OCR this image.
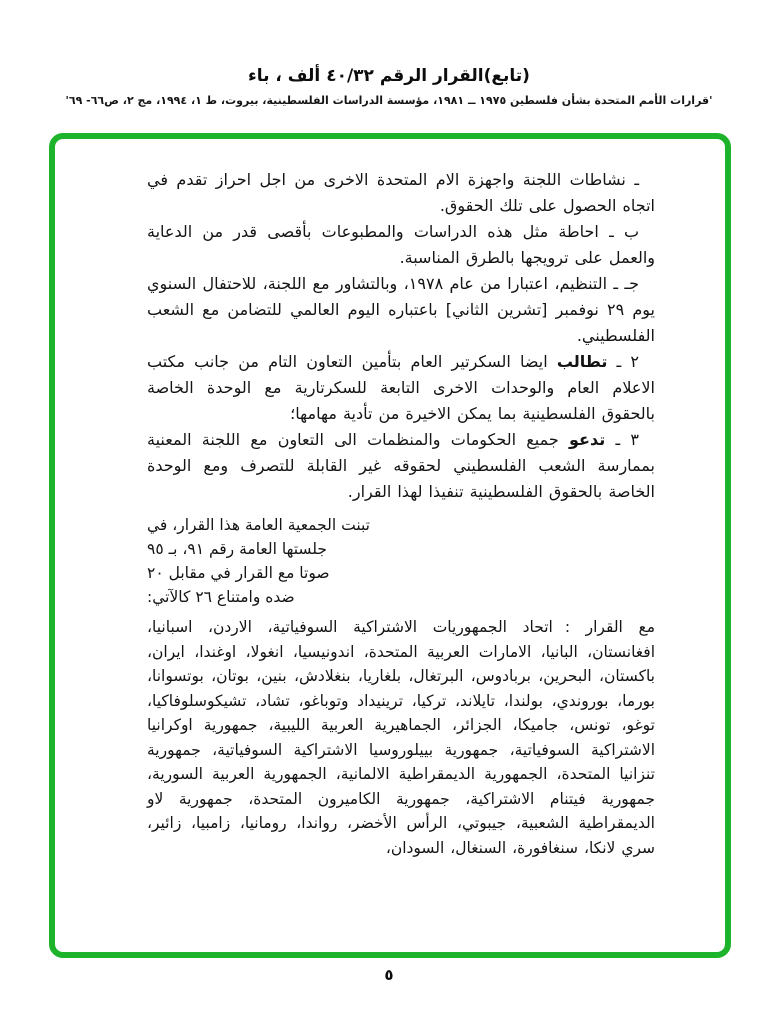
(تابع)القرار الرقم ٤٠/٣٢ ألف ، باء
'قرارات الأمم المتحدة بشأن فلسطين ١٩٧٥ ــ ١٩٨١، مؤسسة الدراسات الفلسطينية، بيروت، ط ١، ١٩٩٤، مج ٢، ص٦٦- ٦٩'

ـ نشاطات اللجنة واجهزة الام المتحدة الاخرى من اجل احراز تقدم في اتجاه الحصول على تلك الحقوق.

ب ـ احاطة مثل هذه الدراسات والمطبوعات بأقصى قدر من الدعاية والعمل على ترويجها بالطرق المناسبة.

جـ ـ التنظيم، اعتبارا من عام ١٩٧٨، وبالتشاور مع اللجنة، للاحتفال السنوي يوم ٢٩ نوفمبر [تشرين الثاني] باعتباره اليوم العالمي للتضامن مع الشعب الفلسطيني.

٢ ـ تطالب ايضا السكرتير العام بتأمين التعاون التام من جانب مكتب الاعلام العام والوحدات الاخرى التابعة للسكرتارية مع الوحدة الخاصة بالحقوق الفلسطينية بما يمكن الاخيرة من تأدية مهامها؛

٣ ـ تدعو جميع الحكومات والمنظمات الى التعاون مع اللجنة المعنية بممارسة الشعب الفلسطيني لحقوقه غير القابلة للتصرف ومع الوحدة الخاصة بالحقوق الفلسطينية تنفيذا لهذا القرار.

تبنت الجمعية العامة هذا القرار، في
جلستها العامة رقم ٩١، بـ ٩٥
صوتا مع القرار في مقابل ٢٠
ضده وامتناع ٢٦ كالآتي:

مع القرار :اتحاد الجمهوريات الاشتراكية السوفياتية، الاردن، اسبانيا، افغانستان، البانيا، الامارات العربية المتحدة، اندونيسيا، انغولا، اوغندا، ايران، باكستان، البحرين، بربادوس، البرتغال، بلغاريا، بنغلادش، بنين، بوتان، بوتسوانا، بورما، بوروندي، بولندا، تايلاند، تركيا، ترينيداد وتوباغو، تشاد، تشيكوسلوفاكيا، توغو، تونس، جاميكا، الجزائر، الجماهيرية العربية الليبية، جمهورية اوكرانيا الاشتراكية السوفياتية، جمهورية بييلوروسيا الاشتراكية السوفياتية، جمهورية تنزانيا المتحدة، الجمهورية الديمقراطية الالمانية، الجمهورية العربية السورية، جمهورية فيتنام الاشتراكية، جمهورية الكاميرون المتحدة، جمهورية لاو الديمقراطية الشعبية، جيبوتي، الرأس الأخضر، رواندا، رومانيا، زامبيا، زائير، سري لانكا، سنغافورة، السنغال، السودان،

٥
